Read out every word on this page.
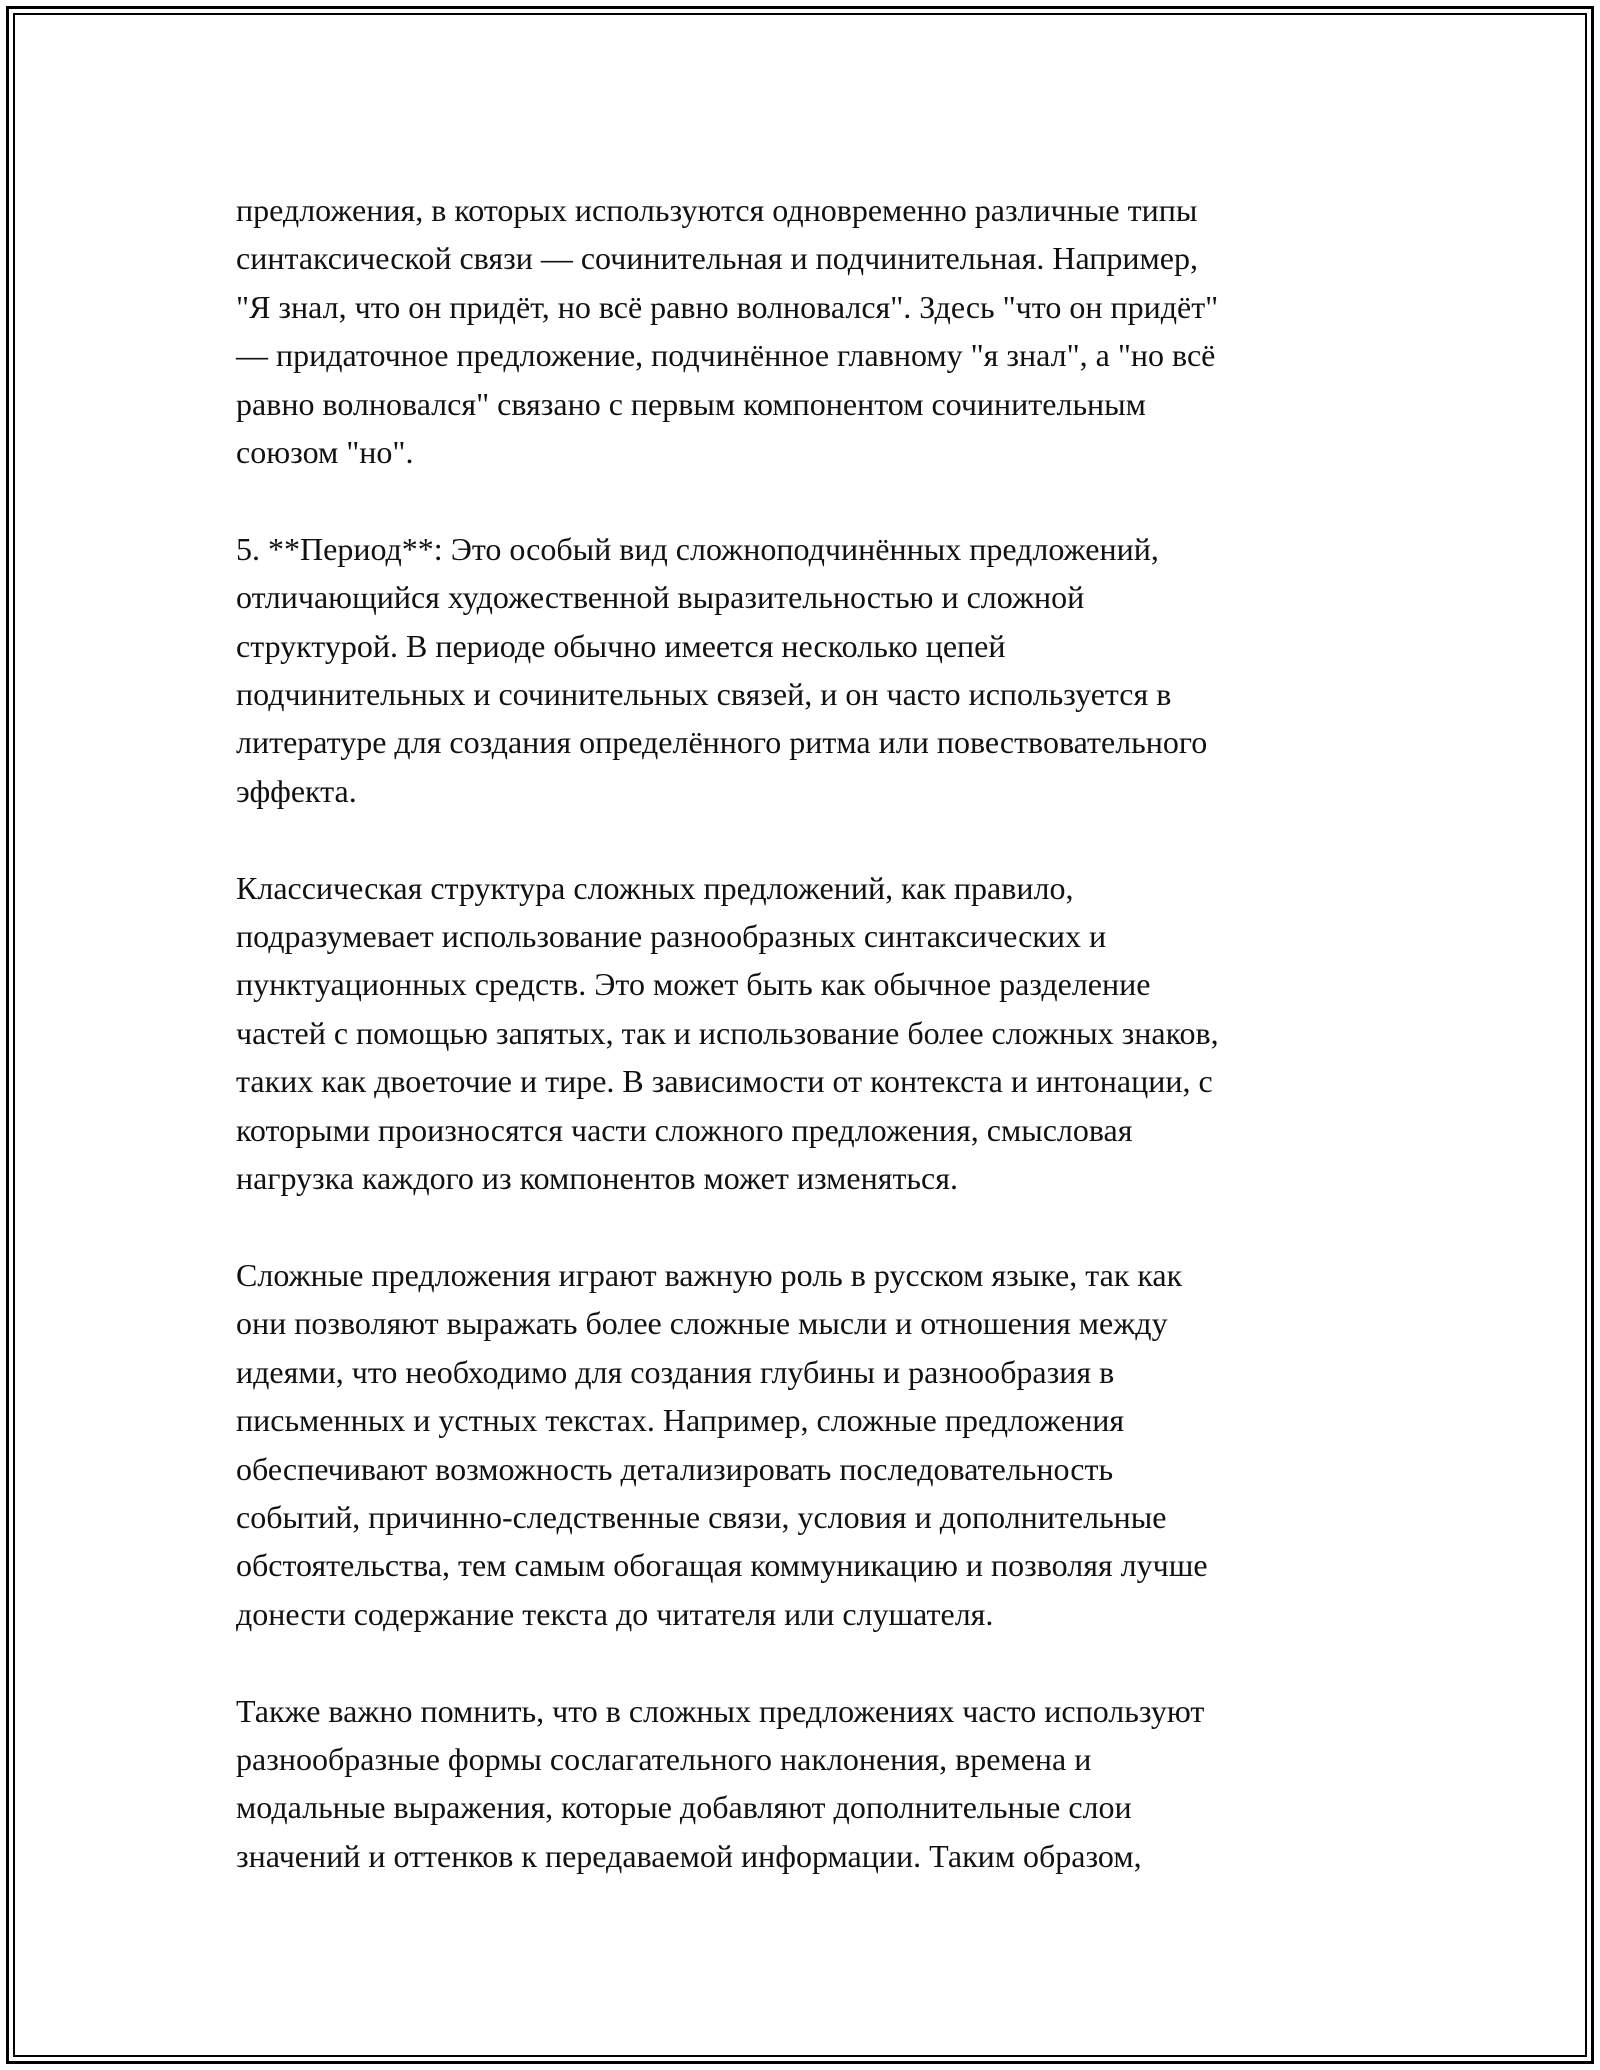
предложения, в которых используются одновременно различные типы
синтаксической связи — сочинительная и подчинительная. Например,
"Я знал, что он придёт, но всё равно волновался". Здесь "что он придёт"
— придаточное предложение, подчинённое главному "я знал", а "но всё
равно волновался" связано с первым компонентом сочинительным
союзом "но".

5. **Период**: Это особый вид сложноподчинённых предложений,
отличающийся художественной выразительностью и сложной
структурой. В периоде обычно имеется несколько цепей
подчинительных и сочинительных связей, и он часто используется в
литературе для создания определённого ритма или повествовательного
эффекта.

Классическая структура сложных предложений, как правило,
подразумевает использование разнообразных синтаксических и
пунктуационных средств. Это может быть как обычное разделение
частей с помощью запятых, так и использование более сложных знаков,
таких как двоеточие и тире. В зависимости от контекста и интонации, с
которыми произносятся части сложного предложения, смысловая
нагрузка каждого из компонентов может изменяться.

Сложные предложения играют важную роль в русском языке, так как
они позволяют выражать более сложные мысли и отношения между
идеями, что необходимо для создания глубины и разнообразия в
письменных и устных текстах. Например, сложные предложения
обеспечивают возможность детализировать последовательность
событий, причинно-следственные связи, условия и дополнительные
обстоятельства, тем самым обогащая коммуникацию и позволяя лучше
донести содержание текста до читателя или слушателя.

Также важно помнить, что в сложных предложениях часто используют
разнообразные формы сослагательного наклонения, времена и
модальные выражения, которые добавляют дополнительные слои
значений и оттенков к передаваемой информации. Таким образом,
